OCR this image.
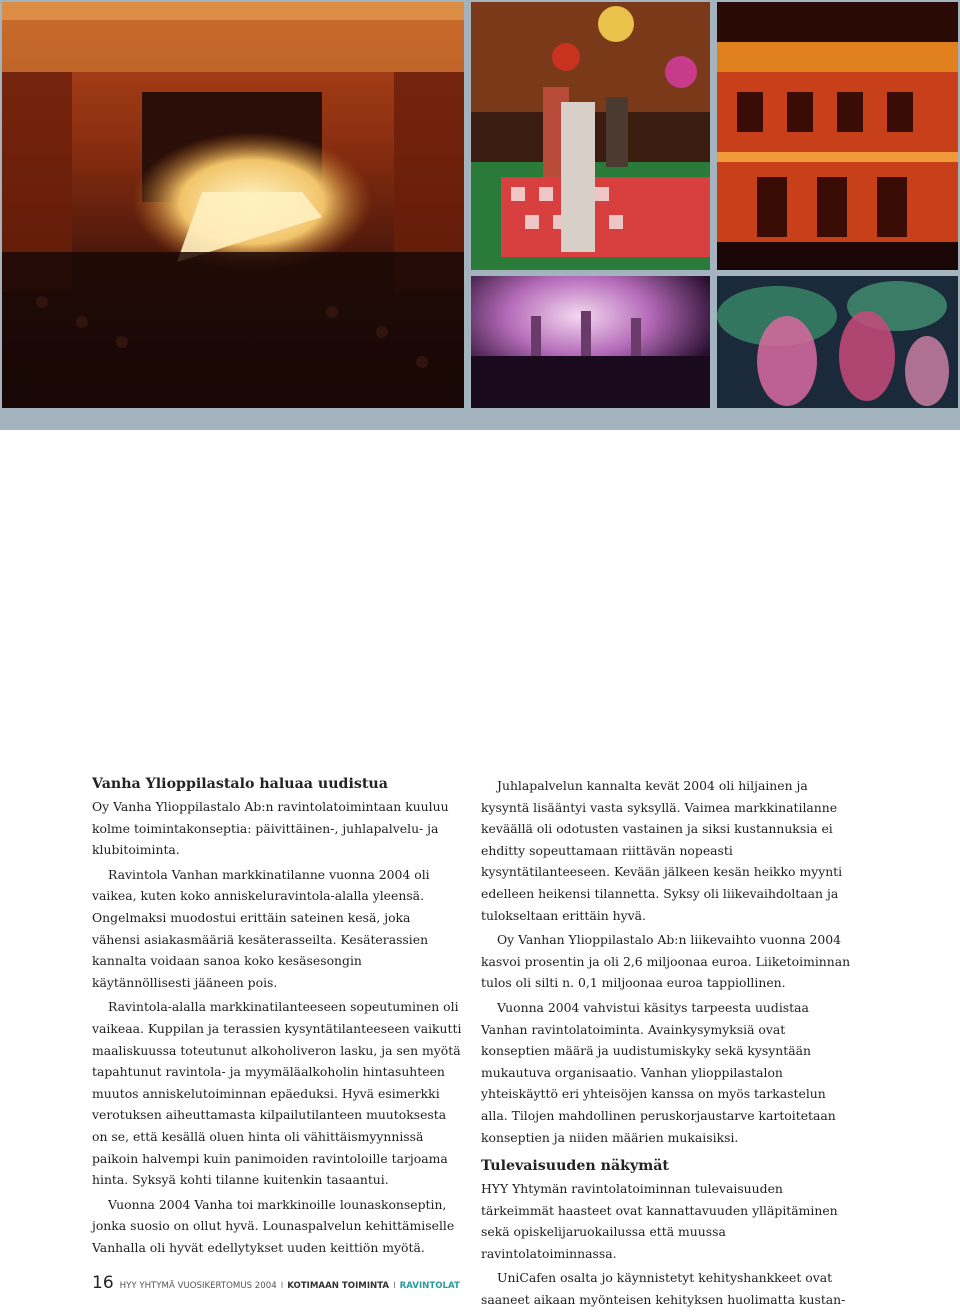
Vanha Ylioppilastalo haluaa uudistua

Oy Vanha Ylioppilastalo Ab:n ravintolatoimintaan kuuluu kolme toimintakonseptia: päivittäinen-, juhlapalvelu- ja klubitoiminta.

Ravintola Vanhan markkinatilanne vuonna 2004 oli vaikea, kuten koko anniskeluravintola-alalla yleensä. Ongelmaksi muodostui erittäin sateinen kesä, joka vähensi asiakasmääriä kesäterasseilta. Kesäterassien kannalta voidaan sanoa koko kesäsesongin käytännöllisesti jääneen pois.

Ravintola-alalla markkinatilanteeseen sopeutuminen oli vaikeaa. Kuppilan ja terassien kysyntätilanteeseen vaikutti maaliskuussa toteutunut alkoholiveron lasku, ja sen myötä tapahtunut ravintola- ja myymäläalkoholin hintasuhteen muutos anniskelutoiminnan epäeduksi. Hyvä esimerkki verotuksen aiheuttamasta kilpailutilanteen muutoksesta on se, että kesällä oluen hinta oli vähittäismyynnissä paikoin halvempi kuin panimoiden ravintoloille tarjoama hinta. Syksyä kohti tilanne kuitenkin tasaantui.

Vuonna 2004 Vanha toi markkinoille lounaskonseptin, jonka suosio on ollut hyvä. Lounaspalvelun kehittämiselle Vanhalla oli hyvät edellytykset uuden keittiön myötä.

Juhlapalvelun kannalta kevät 2004 oli hiljainen ja kysyntä lisääntyi vasta syksyllä. Vaimea markkinatilanne keväällä oli odotusten vastainen ja siksi kustannuksia ei ehditty sopeuttamaan riittävän nopeasti kysyntätilanteeseen. Kevään jälkeen kesän heikko myynti edelleen heikensi tilannetta. Syksy oli liikevaihdoltaan ja tulokseltaan erittäin hyvä.

Oy Vanhan Ylioppilastalo Ab:n liikevaihto vuonna 2004 kasvoi prosentin ja oli 2,6 miljoonaa euroa. Liiketoiminnan tulos oli silti n. 0,1 miljoonaa euroa tappiollinen.

Vuonna 2004 vahvistui käsitys tarpeesta uudistaa Vanhan ravintolatoiminta. Avainkysymyksiä ovat konseptien määrä ja uudistumiskyky sekä kysyntään mukautuva organisaatio. Vanhan ylioppilastalon yhteiskäyttö eri yhteisöjen kanssa on myös tarkastelun alla. Tilojen mahdollinen peruskorjaustarve kartoitetaan konseptien ja niiden määrien mukaisiksi.

Tulevaisuuden näkymät

HYY Yhtymän ravintolatoiminnan tulevaisuuden tärkeimmät haasteet ovat kannattavuuden ylläpitäminen sekä opiskelijaruokailussa että muussa ravintolatoiminnassa.

UniCafen osalta jo käynnistetyt kehityshankkeet ovat saaneet aikaan myönteisen kehityksen huolimatta kustan-

16 HYY YHTYMÄ VUOSIKERTOMUS 2004 I KOTIMAAN TOIMINTA I RAVINTOLAT
